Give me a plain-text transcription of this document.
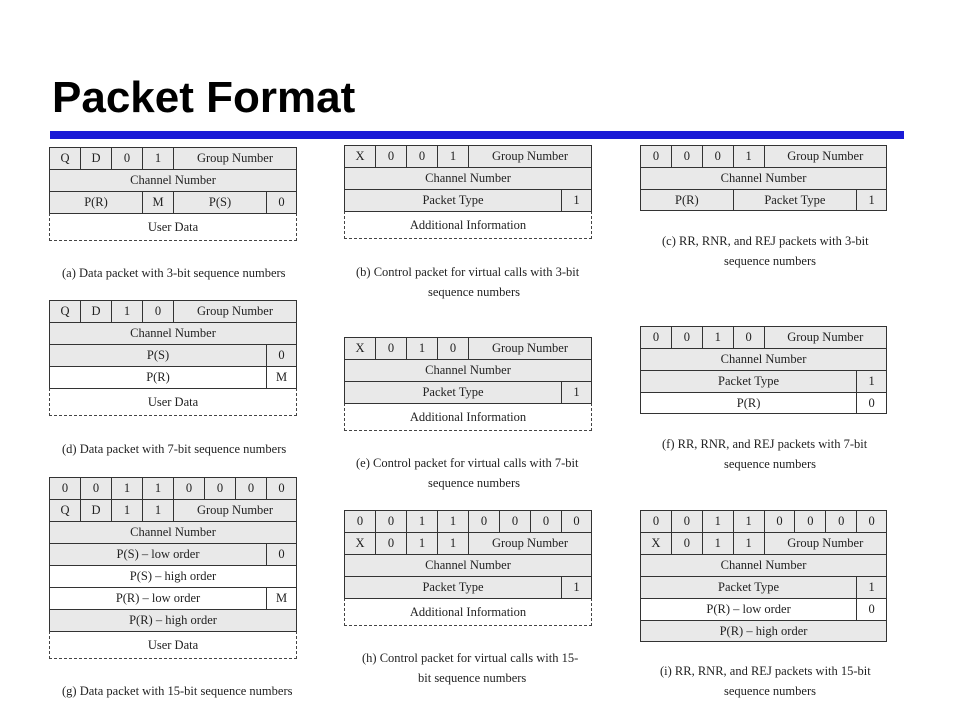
Packet Format
Q	D	0	1	Group Number
Channel Number
P(R)	M	P(S)	0
User Data
(a) Data packet with 3-bit sequence numbers
X	0	0	1	Group Number
Channel Number
Packet Type	1
Additional Information
(b) Control packet for virtual calls with 3-bit
sequence numbers
0	0	0	1	Group Number
Channel Number
P(R)	Packet Type	1
(c) RR, RNR, and REJ packets with 3-bit
sequence numbers
Q	D	1	0	Group Number
Channel Number
P(S)	0
P(R)	M
User Data
(d) Data packet with 7-bit sequence numbers
X	0	1	0	Group Number
Channel Number
Packet Type	1
Additional Information
(e) Control packet for virtual calls with 7-bit
sequence numbers
0	0	1	0	Group Number
Channel Number
Packet Type	1
P(R)	0
(f) RR, RNR, and REJ packets with 7-bit
sequence numbers
0	0	1	1	0	0	0	0
Q	D	1	1	Group Number
Channel Number
P(S) – low order	0
P(S) – high order
P(R) – low order	M
P(R) – high order
User Data
(g) Data packet with 15-bit sequence numbers
0	0	1	1	0	0	0	0
X	0	1	1	Group Number
Channel Number
Packet Type	1
Additional Information
(h) Control packet for virtual calls with 15-
bit sequence numbers
0	0	1	1	0	0	0	0
X	0	1	1	Group Number
Channel Number
Packet Type	1
P(R) – low order	0
P(R) – high order
(i) RR, RNR, and REJ packets with 15-bit
sequence numbers
